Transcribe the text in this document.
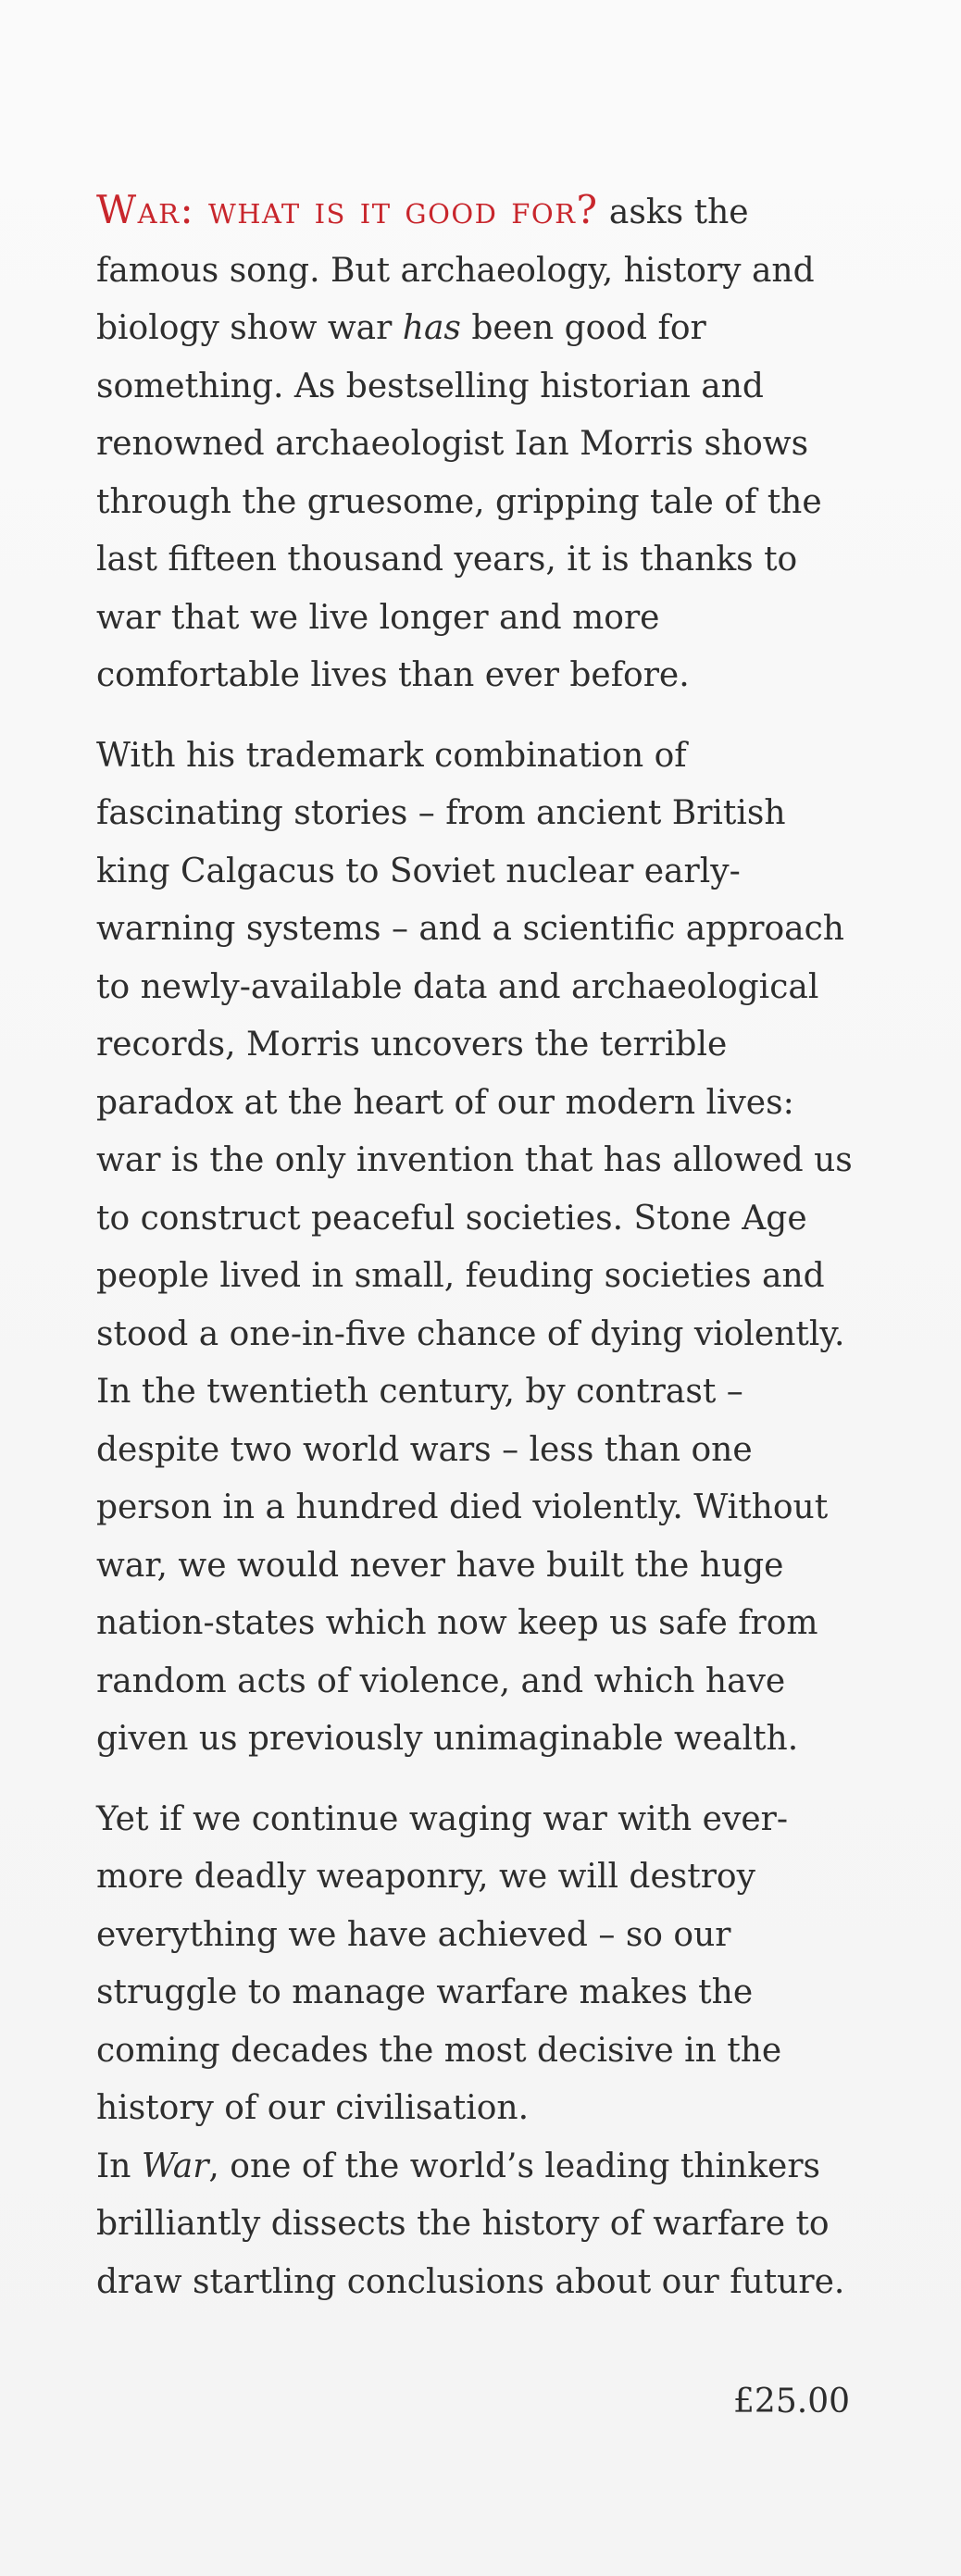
War: what is it good for? asks the famous song. But archaeology, history and biology show war has been good for something. As bestselling historian and renowned archaeologist Ian Morris shows through the gruesome, gripping tale of the last fifteen thousand years, it is thanks to war that we live longer and more comfortable lives than ever before.

With his trademark combination of fascinating stories – from ancient British king Calgacus to Soviet nuclear early-warning systems – and a scientific approach to newly-available data and archaeological records, Morris uncovers the terrible paradox at the heart of our modern lives: war is the only invention that has allowed us to construct peaceful societies. Stone Age people lived in small, feuding societies and stood a one-in-five chance of dying violently. In the twentieth century, by contrast – despite two world wars – less than one person in a hundred died violently. Without war, we would never have built the huge nation-states which now keep us safe from random acts of violence, and which have given us previously unimaginable wealth.

Yet if we continue waging war with ever-more deadly weaponry, we will destroy everything we have achieved – so our struggle to manage warfare makes the coming decades the most decisive in the history of our civilisation.

In War, one of the world’s leading thinkers brilliantly dissects the history of warfare to draw startling conclusions about our future.

£25.00
